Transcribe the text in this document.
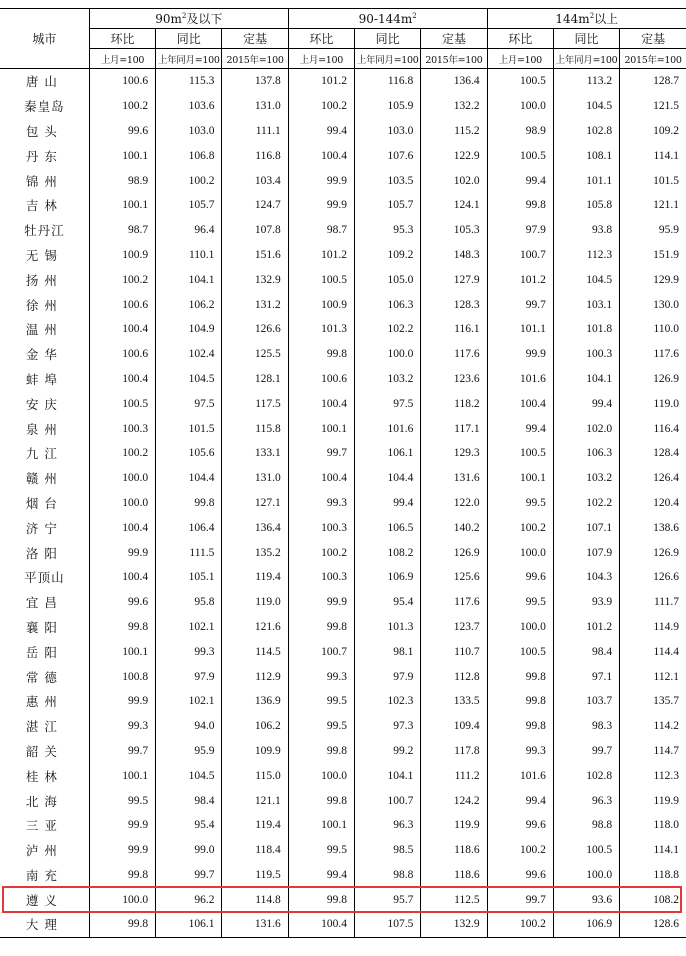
城市	$90m^2$及以下			$90-144m^2$			$144m^2$以上		
	环比	同比	定基	环比	同比	定基	环比	同比	定基
	上月=100	上年同月=100	2015年=100	上月=100	上年同月=100	2015年=100	上月=100	上年同月=100	2015年=100
唐山	100.6	115.3	137.8	101.2	116.8	136.4	100.5	113.2	128.7
秦皇岛	100.2	103.6	131.0	100.2	105.9	132.2	100.0	104.5	121.5
包头	99.6	103.0	111.1	99.4	103.0	115.2	98.9	102.8	109.2
丹东	100.1	106.8	116.8	100.4	107.6	122.9	100.5	108.1	114.1
锦州	98.9	100.2	103.4	99.9	103.5	102.0	99.4	101.1	101.5
吉林	100.1	105.7	124.7	99.9	105.7	124.1	99.8	105.8	121.1
牡丹江	98.7	96.4	107.8	98.7	95.3	105.3	97.9	93.8	95.9
无锡	100.9	110.1	151.6	101.2	109.2	148.3	100.7	112.3	151.9
扬州	100.2	104.1	132.9	100.5	105.0	127.9	101.2	104.5	129.9
徐州	100.6	106.2	131.2	100.9	106.3	128.3	99.7	103.1	130.0
温州	100.4	104.9	126.6	101.3	102.2	116.1	101.1	101.8	110.0
金华	100.6	102.4	125.5	99.8	100.0	117.6	99.9	100.3	117.6
蚌埠	100.4	104.5	128.1	100.6	103.2	123.6	101.6	104.1	126.9
安庆	100.5	97.5	117.5	100.4	97.5	118.2	100.4	99.4	119.0
泉州	100.3	101.5	115.8	100.1	101.6	117.1	99.4	102.0	116.4
九江	100.2	105.6	133.1	99.7	106.1	129.3	100.5	106.3	128.4
赣州	100.0	104.4	131.0	100.4	104.4	131.6	100.1	103.2	126.4
烟台	100.0	99.8	127.1	99.3	99.4	122.0	99.5	102.2	120.4
济宁	100.4	106.4	136.4	100.3	106.5	140.2	100.2	107.1	138.6
洛阳	99.9	111.5	135.2	100.2	108.2	126.9	100.0	107.9	126.9
平顶山	100.4	105.1	119.4	100.3	106.9	125.6	99.6	104.3	126.6
宜昌	99.6	95.8	119.0	99.9	95.4	117.6	99.5	93.9	111.7
襄阳	99.8	102.1	121.6	99.8	101.3	123.7	100.0	101.2	114.9
岳阳	100.1	99.3	114.5	100.7	98.1	110.7	100.5	98.4	114.4
常德	100.8	97.9	112.9	99.3	97.9	112.8	99.8	97.1	112.1
惠州	99.9	102.1	136.9	99.5	102.3	133.5	99.8	103.7	135.7
湛江	99.3	94.0	106.2	99.5	97.3	109.4	99.8	98.3	114.2
韶关	99.7	95.9	109.9	99.8	99.2	117.8	99.3	99.7	114.7
桂林	100.1	104.5	115.0	100.0	104.1	111.2	101.6	102.8	112.3
北海	99.5	98.4	121.1	99.8	100.7	124.2	99.4	96.3	119.9
三亚	99.9	95.4	119.4	100.1	96.3	119.9	99.6	98.8	118.0
泸州	99.9	99.0	118.4	99.5	98.5	118.6	100.2	100.5	114.1
南充	99.8	99.7	119.5	99.4	98.8	118.6	99.6	100.0	118.8
遵义	100.0	96.2	114.8	99.8	95.7	112.5	99.7	93.6	108.2
大理	99.8	106.1	131.6	100.4	107.5	132.9	100.2	106.9	128.6
